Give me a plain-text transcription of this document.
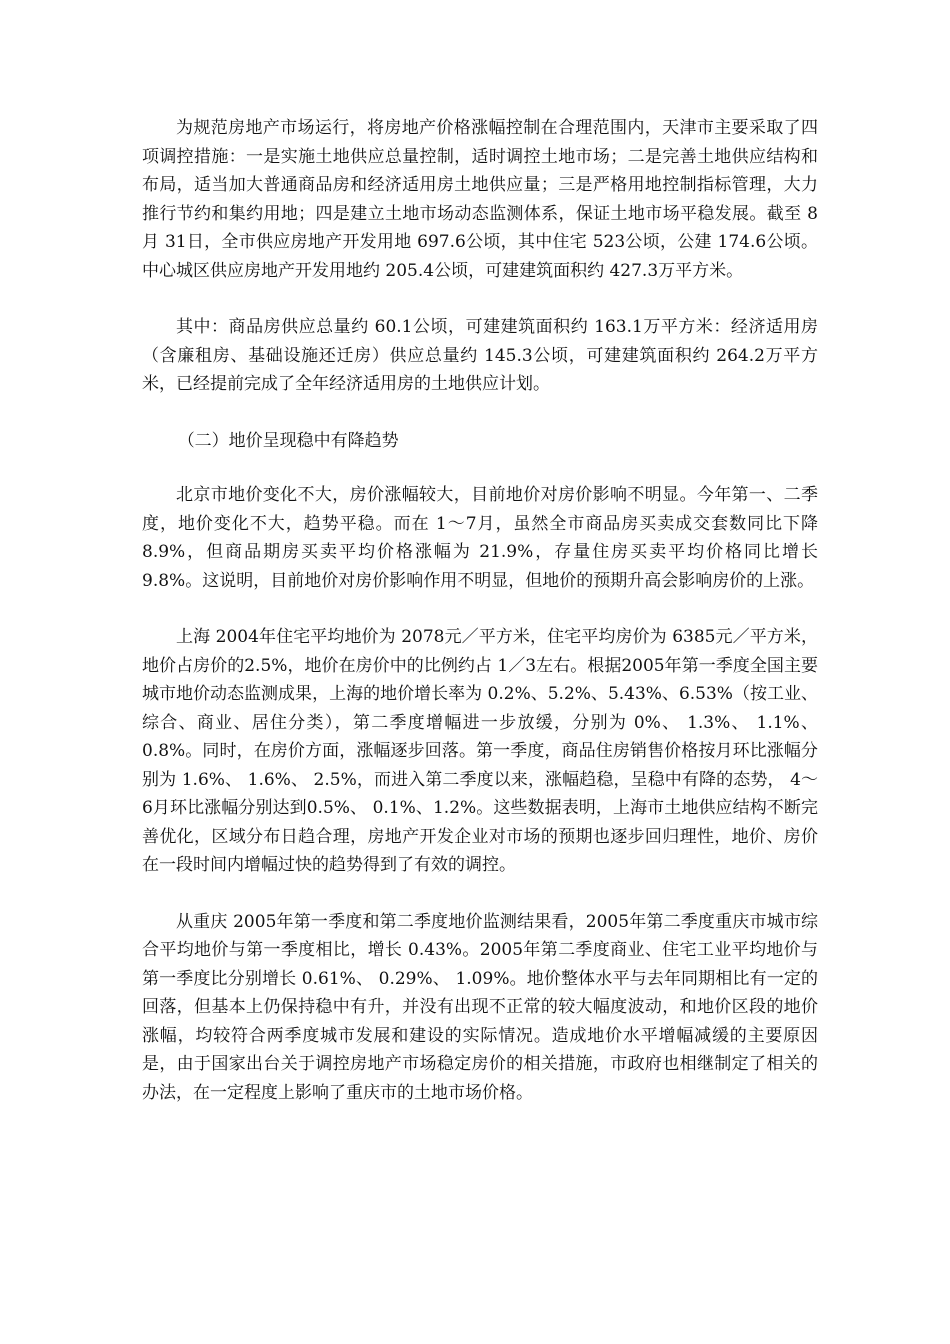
为规范房地产市场运行，将房地产价格涨幅控制在合理范围内，天津市主要采取了四项调控措施：一是实施土地供应总量控制，适时调控土地市场；二是完善土地供应结构和布局，适当加大普通商品房和经济适用房土地供应量；三是严格用地控制指标管理，大力推行节约和集约用地；四是建立土地市场动态监测体系，保证土地市场平稳发展。截至 8月 31日，全市供应房地产开发用地 697.6公顷，其中住宅 523公顷，公建 174.6公顷。中心城区供应房地产开发用地约 205.4公顷，可建建筑面积约 427.3万平方米。

其中：商品房供应总量约 60.1公顷，可建建筑面积约 163.1万平方米：经济适用房（含廉租房、基础设施还迁房）供应总量约 145.3公顷，可建建筑面积约 264.2万平方米，已经提前完成了全年经济适用房的土地供应计划。

（二）地价呈现稳中有降趋势

北京市地价变化不大，房价涨幅较大，目前地价对房价影响不明显。今年第一、二季度，地价变化不大，趋势平稳。而在 1～7月，虽然全市商品房买卖成交套数同比下降 8.9%，但商品期房买卖平均价格涨幅为 21.9%，存量住房买卖平均价格同比增长 9.8%。这说明，目前地价对房价影响作用不明显，但地价的预期升高会影响房价的上涨。

上海 2004年住宅平均地价为 2078元／平方米，住宅平均房价为 6385元／平方米，地价占房价的2.5%，地价在房价中的比例约占 1／3左右。根据2005年第一季度全国主要城市地价动态监测成果，上海的地价增长率为 0.2%、5.2%、5.43%、6.53%（按工业、综合、商业、居住分类），第二季度增幅进一步放缓，分别为 0%、 1.3%、 1.1%、 0.8%。同时，在房价方面，涨幅逐步回落。第一季度，商品住房销售价格按月环比涨幅分别为 1.6%、 1.6%、 2.5%，而进入第二季度以来，涨幅趋稳，呈稳中有降的态势， 4～6月环比涨幅分别达到0.5%、 0.1%、1.2%。这些数据表明，上海市土地供应结构不断完善优化，区域分布日趋合理，房地产开发企业对市场的预期也逐步回归理性，地价、房价在一段时间内增幅过快的趋势得到了有效的调控。

从重庆 2005年第一季度和第二季度地价监测结果看，2005年第二季度重庆市城市综合平均地价与第一季度相比，增长 0.43%。2005年第二季度商业、住宅工业平均地价与第一季度比分别增长 0.61%、 0.29%、 1.09%。地价整体水平与去年同期相比有一定的回落，但基本上仍保持稳中有升，并没有出现不正常的较大幅度波动，和地价区段的地价涨幅，均较符合两季度城市发展和建设的实际情况。造成地价水平增幅减缓的主要原因是，由于国家出台关于调控房地产市场稳定房价的相关措施，市政府也相继制定了相关的办法，在一定程度上影响了重庆市的土地市场价格。
